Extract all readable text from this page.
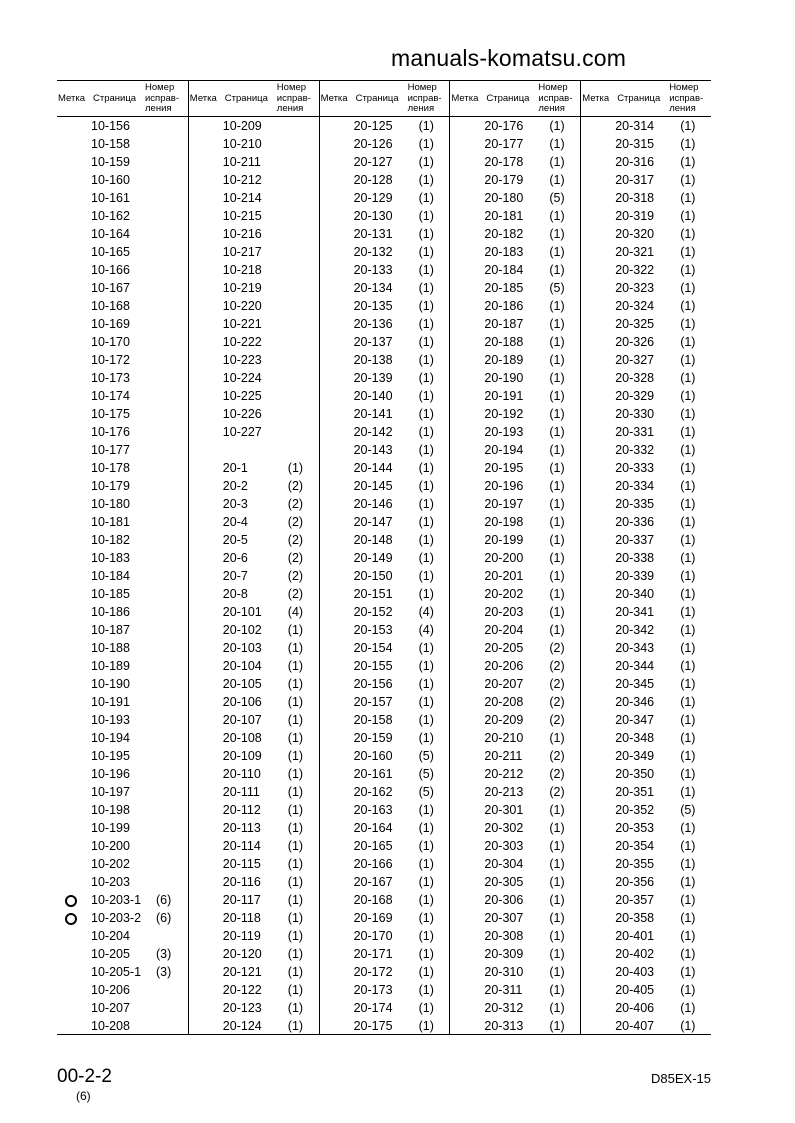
Метка Страница
Номер исправ-ления
10-156
10-158
10-159
10-160
10-161
10-162
10-164
10-165
10-166
10-167
10-168
10-169
10-170
10-172
10-173
10-174
10-175
10-176
10-177
10-178
10-179
10-180
10-181
10-182
10-183
10-184
10-185
10-186
10-187
10-188
10-189
10-190
10-191
10-193
10-194
10-195
10-196
10-197
10-198
10-199
10-200
10-202
10-203
10-203-1 (6)
10-203-2 (6)
10-204
10-205 (3)
10-205-1 (3)
10-206
10-207
10-208
Метка Страница
Номер исправ-ления
10-209
10-210
10-211
10-212
10-214
10-215
10-216
10-217
10-218
10-219
10-220
10-221
10-222
10-223
10-224
10-225
10-226
10-227
20-1	(1)
20-2	(2)
20-3	(2)
20-4	(2)
20-5	(2)
20-6	(2)
20-7	(2)
20-8	(2)
20-101 (4)
20-102 (1)
20-103 (1)
20-104 (1)
20-105 (1)
20-106 (1)
20-107 (1)
20-108 (1)
20-109 (1)
20-110 (1)
20-111 (1)
20-112 (1)
20-113 (1)
20-114 (1)
20-115 (1)
20-116 (1)
20-117 (1)
20-118 (1)
20-119 (1)
20-120 (1)
20-121 (1)
20-122 (1)
20-123 (1)
20-124 (1)
Метка Страница
Номер исправ-ления
20-125 (1)
20-126 (1)
20-127 (1)
20-128 (1)
20-129 (1)
20-130 (1)
20-131 (1)
20-132 (1)
20-133 (1)
20-134 (1)
20-135 (1)
20-136 (1)
20-137 (1)
20-138 (1)
20-139 (1)
20-140 (1)
20-141 (1)
20-142 (1)
20-143 (1)
20-144 (1)
20-145 (1)
20-146 (1)
20-147 (1)
20-148 (1)
20-149 (1)
20-150 (1)
20-151 (1)
20-152 (4)
20-153 (4)
20-154 (1)
20-155 (1)
20-156 (1)
20-157 (1)
20-158 (1)
20-159 (1)
20-160 (5)
20-161 (5)
20-162 (5)
20-163 (1)
20-164 (1)
20-165 (1)
20-166 (1)
20-167 (1)
20-168 (1)
20-169 (1)
20-170 (1)
20-171 (1)
20-172 (1)
20-173 (1)
20-174 (1)
20-175 (1)
Метка Страница
Номер исправ-ления
20-176 (1)
20-177 (1)
20-178 (1)
20-179 (1)
20-180 (5)
20-181 (1)
20-182 (1)
20-183 (1)
20-184 (1)
20-185 (5)
20-186 (1)
20-187 (1)
20-188 (1)
20-189 (1)
20-190 (1)
20-191 (1)
20-192 (1)
20-193 (1)
20-194 (1)
20-195 (1)
20-196 (1)
20-197 (1)
20-198 (1)
20-199 (1)
20-200 (1)
20-201 (1)
20-202 (1)
20-203 (1)
20-204 (1)
20-205 (2)
20-206 (2)
20-207 (2)
20-208 (2)
20-209 (2)
20-210 (1)
20-211 (2)
20-212 (2)
20-213 (2)
20-301 (1)
20-302 (1)
20-303 (1)
20-304 (1)
20-305 (1)
20-306 (1)
20-307 (1)
20-308 (1)
20-309 (1)
20-310 (1)
20-311 (1)
20-312 (1)
20-313 (1)
Метка Страница
Номер исправ-ления
20-314 (1)
20-315 (1)
20-316 (1)
20-317 (1)
20-318 (1)
20-319 (1)
20-320 (1)
20-321 (1)
20-322 (1)
20-323 (1)
20-324 (1)
20-325 (1)
20-326 (1)
20-327 (1)
20-328 (1)
20-329 (1)
20-330 (1)
20-331 (1)
20-332 (1)
20-333 (1)
20-334 (1)
20-335 (1)
20-336 (1)
20-337 (1)
20-338 (1)
20-339 (1)
20-340 (1)
20-341 (1)
20-342 (1)
20-343 (1)
20-344 (1)
20-345 (1)
20-346 (1)
20-347 (1)
20-348 (1)
20-349 (1)
20-350 (1)
20-351 (1)
20-352 (5)
20-353 (1)
20-354 (1)
20-355 (1)
20-356 (1)
20-357 (1)
20-358 (1)
20-401 (1)
20-402 (1)
20-403 (1)
20-405 (1)
20-406 (1)
20-407 (1)
manuals-komatsu.com
00-2-2
(6)
D85EX-15
